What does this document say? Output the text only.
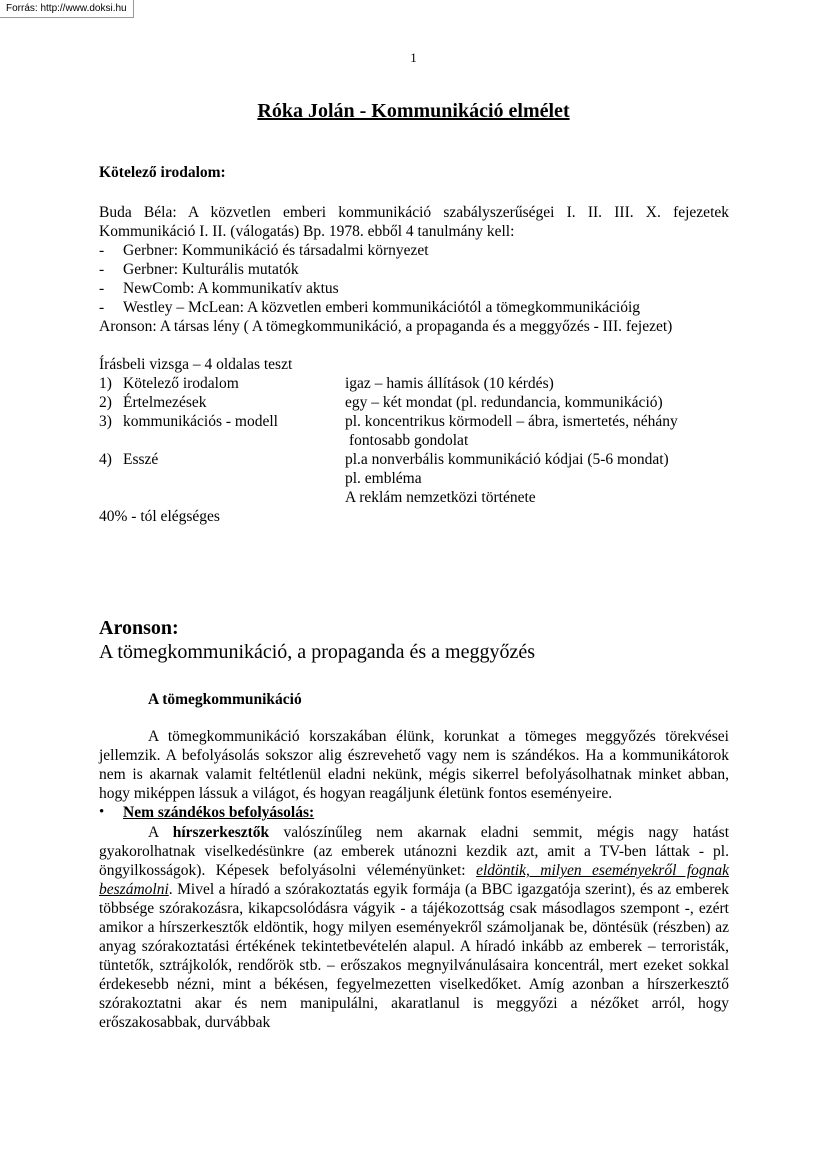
Forrás: http://www.doksi.hu
1
Róka Jolán - Kommunikáció elmélet
Kötelező irodalom:
Buda Béla: A közvetlen emberi kommunikáció szabályszerűségei I. II. III. X. fejezetek
Kommunikáció I. II. (válogatás) Bp. 1978. ebből 4 tanulmány kell:
- Gerbner: Kommunikáció és társadalmi környezet
- Gerbner: Kulturális mutatók
- NewComb: A kommunikatív aktus
- Westley – McLean: A közvetlen emberi kommunikációtól a tömegkommunikációig
Aronson: A társas lény ( A tömegkommunikáció, a propaganda és a meggyőzés - III. fejezet)
Írásbeli vizsga – 4 oldalas teszt
1) Kötelező irodalom	igaz – hamis állítások (10 kérdés)
2) Értelmezések	egy – két mondat (pl. redundancia, kommunikáció)
3) kommunikációs - modell	pl. koncentrikus körmodell – ábra, ismertetés, néhány
fontosabb gondolat
4) Esszé	pl.a nonverbális kommunikáció kódjai (5-6 mondat)
pl. embléma
A reklám nemzetközi története
40% - tól elégséges
Aronson:
A tömegkommunikáció, a propaganda és a meggyőzés
A tömegkommunikáció
A tömegkommunikáció korszakában élünk, korunkat a tömeges meggyőzés törekvései jellemzik. A befolyásolás sokszor alig észrevehető vagy nem is szándékos. Ha a kommunikátorok nem is akarnak valamit feltétlenül eladni nekünk, mégis sikerrel befolyásolhatnak minket abban, hogy miképpen lássuk a világot, és hogyan reagáljunk életünk fontos eseményeire.
• Nem szándékos befolyásolás:
A hírszerkesztők valószínűleg nem akarnak eladni semmit, mégis nagy hatást gyakorolhatnak viselkedésünkre (az emberek utánozni kezdik azt, amit a TV-ben láttak - pl. öngyilkosságok). Képesek befolyásolni véleményünket: eldöntik, milyen eseményekről fognak beszámolni. Mivel a híradó a szórakoztatás egyik formája (a BBC igazgatója szerint), és az emberek többsége szórakozásra, kikapcsolódásra vágyik - a tájékozottság csak másodlagos szempont -, ezért amikor a hírszerkesztők eldöntik, hogy milyen eseményekről számoljanak be, döntésük (részben) az anyag szórakoztatási értékének tekintetbevételén alapul. A híradó inkább az emberek – terroristák, tüntetők, sztrájkolók, rendőrök stb. – erőszakos megnyilvánulásaira koncentrál, mert ezeket sokkal érdekesebb nézni, mint a békésen, fegyelmezetten viselkedőket. Amíg azonban a hírszerkesztő szórakoztatni akar és nem manipulálni, akaratlanul is meggyőzi a nézőket arról, hogy erőszakosabbak, durvábbak
